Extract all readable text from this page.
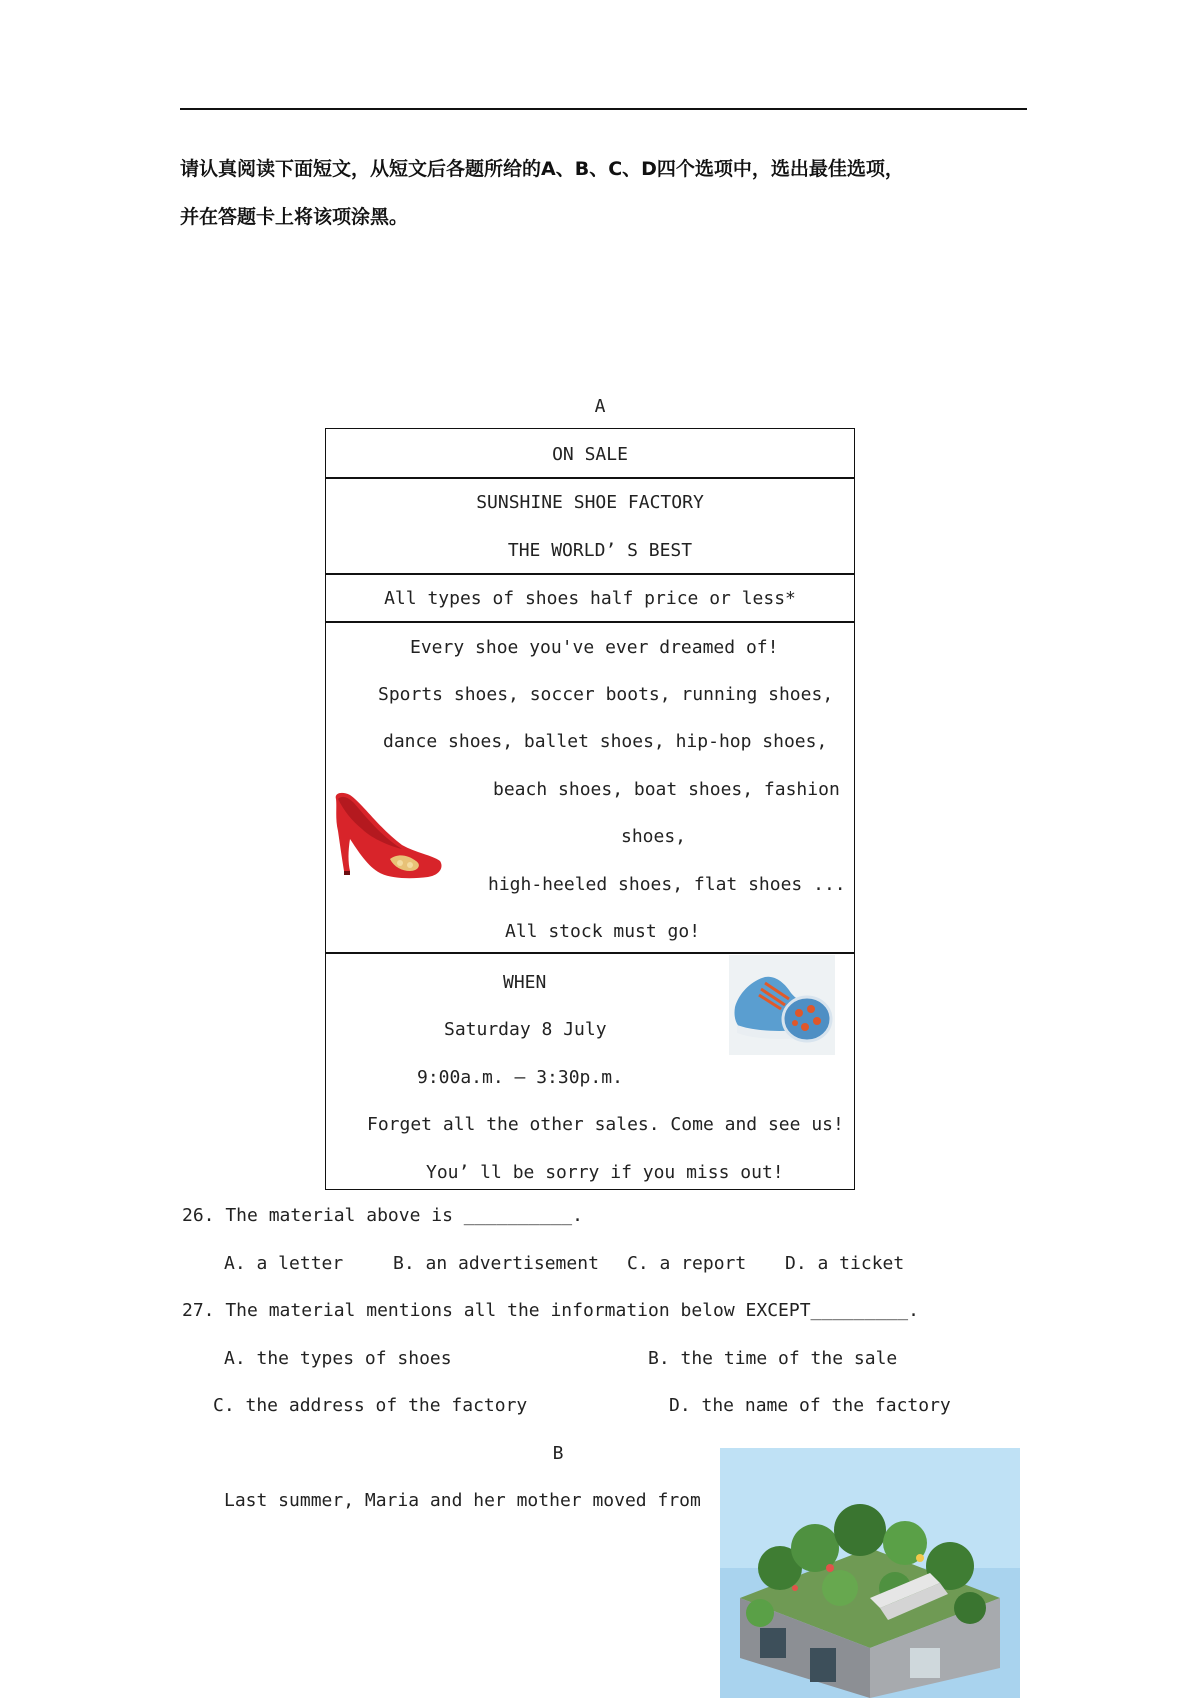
请认真阅读下面短文，从短文后各题所给的A、B、C、D四个选项中，选出最佳选项，
并在答题卡上将该项涂黑。
A
ON SALE
SUNSHINE SHOE FACTORY
THE WORLD’ S BEST
All types of shoes half price or less*
Every shoe you've ever dreamed of!
Sports shoes, soccer boots, running shoes,
dance shoes, ballet shoes, hip-hop shoes,
beach shoes, boat shoes, fashion
shoes,
high-heeled shoes, flat shoes ...
All stock must go!
WHEN
Saturday 8 July
9:00a.m. — 3:30p.m.
Forget all the other sales. Come and see us!
You’ ll be sorry if you miss out!
26. The material above is __________.
A. a letter	B. an advertisement C. a report D. a ticket
27. The material mentions all the information below EXCEPT_________.
A. the types of shoes	B. the time of the sale
C. the address of the factory	D. the name of the factory
B
Last summer, Maria and her mother moved from
